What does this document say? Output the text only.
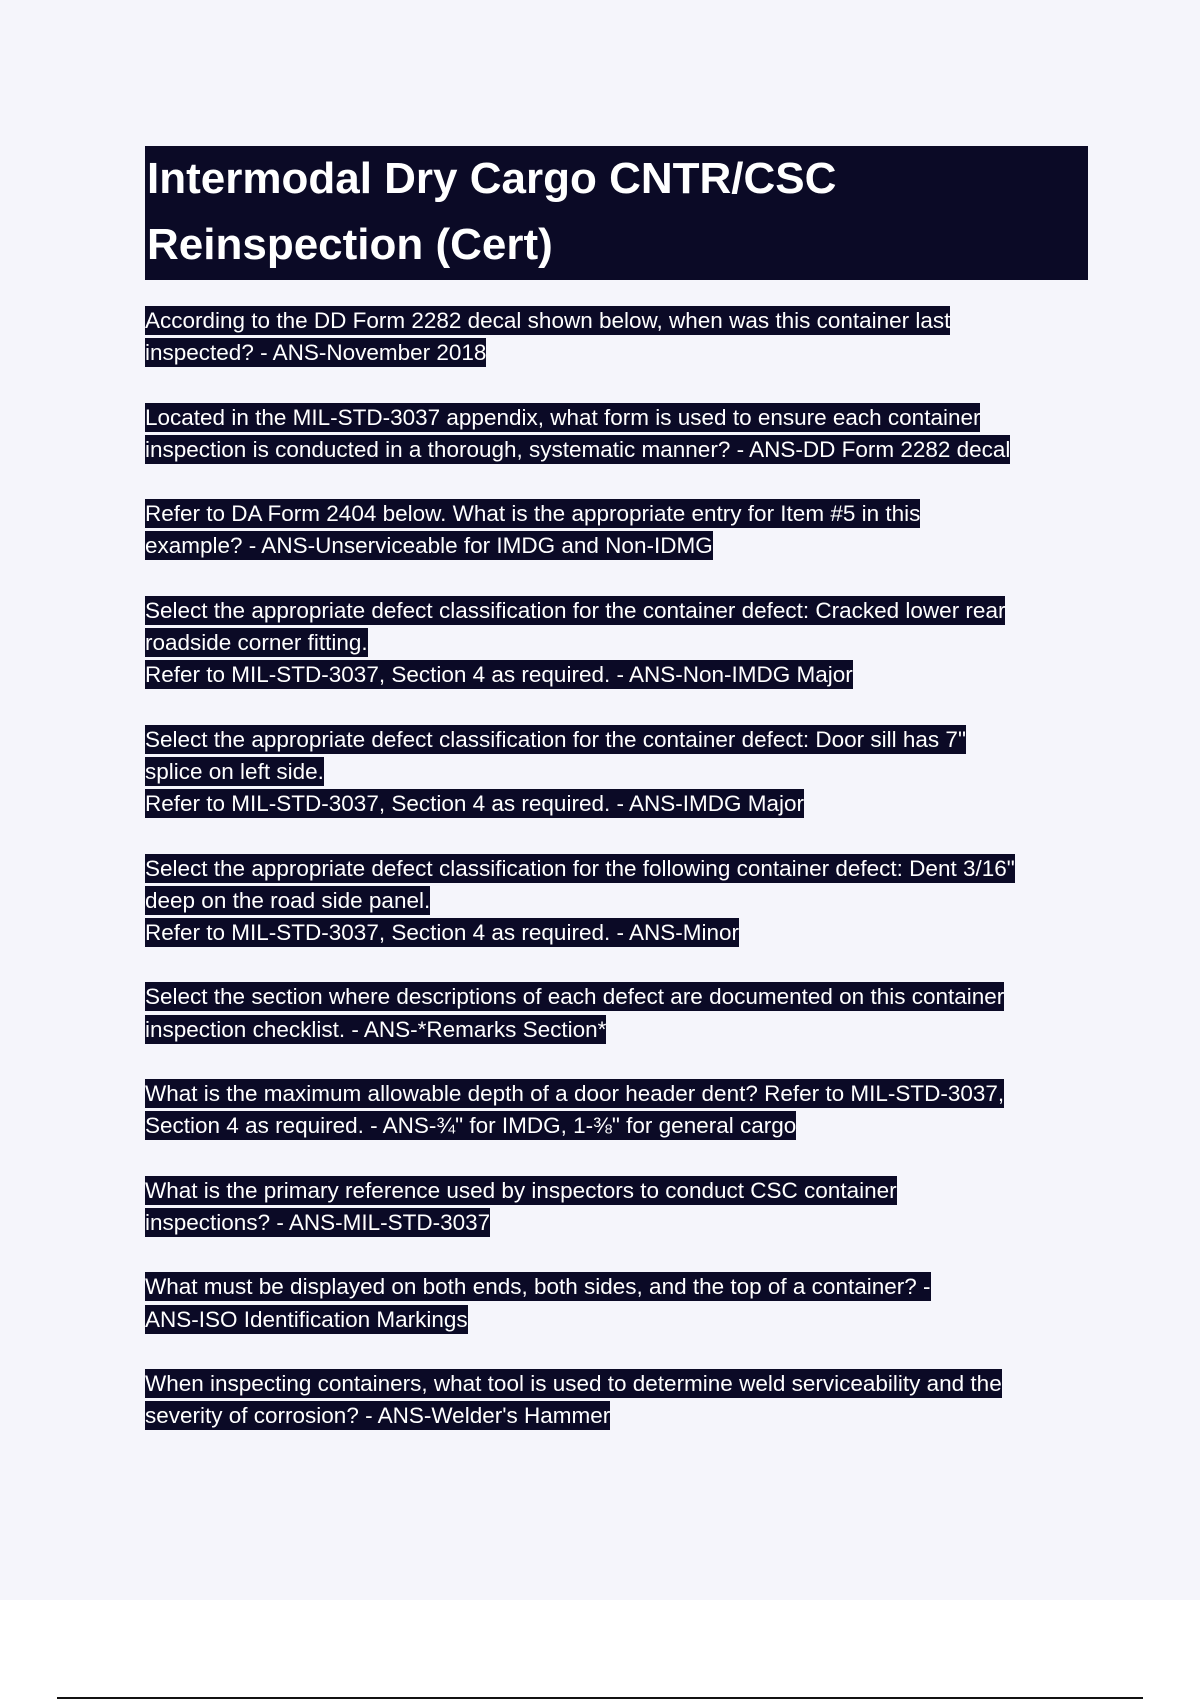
Intermodal Dry Cargo CNTR/CSC
Reinspection (Cert)
According to the DD Form 2282 decal shown below, when was this container last
inspected? - ANS-November 2018
Located in the MIL-STD-3037 appendix, what form is used to ensure each container
inspection is conducted in a thorough, systematic manner? - ANS-DD Form 2282 decal
Refer to DA Form 2404 below. What is the appropriate entry for Item #5 in this
example? - ANS-Unserviceable for IMDG and Non-IDMG
Select the appropriate defect classification for the container defect: Cracked lower rear
roadside corner fitting.
Refer to MIL-STD-3037, Section 4 as required. - ANS-Non-IMDG Major
Select the appropriate defect classification for the container defect: Door sill has 7"
splice on left side.
Refer to MIL-STD-3037, Section 4 as required. - ANS-IMDG Major
Select the appropriate defect classification for the following container defect: Dent 3/16"
deep on the road side panel.
Refer to MIL-STD-3037, Section 4 as required. - ANS-Minor
Select the section where descriptions of each defect are documented on this container
inspection checklist. - ANS-*Remarks Section*
What is the maximum allowable depth of a door header dent? Refer to MIL-STD-3037,
Section 4 as required. - ANS-¾" for IMDG, 1-⅜" for general cargo
What is the primary reference used by inspectors to conduct CSC container
inspections? - ANS-MIL-STD-3037
What must be displayed on both ends, both sides, and the top of a container? -
ANS-ISO Identification Markings
When inspecting containers, what tool is used to determine weld serviceability and the
severity of corrosion? - ANS-Welder's Hammer
